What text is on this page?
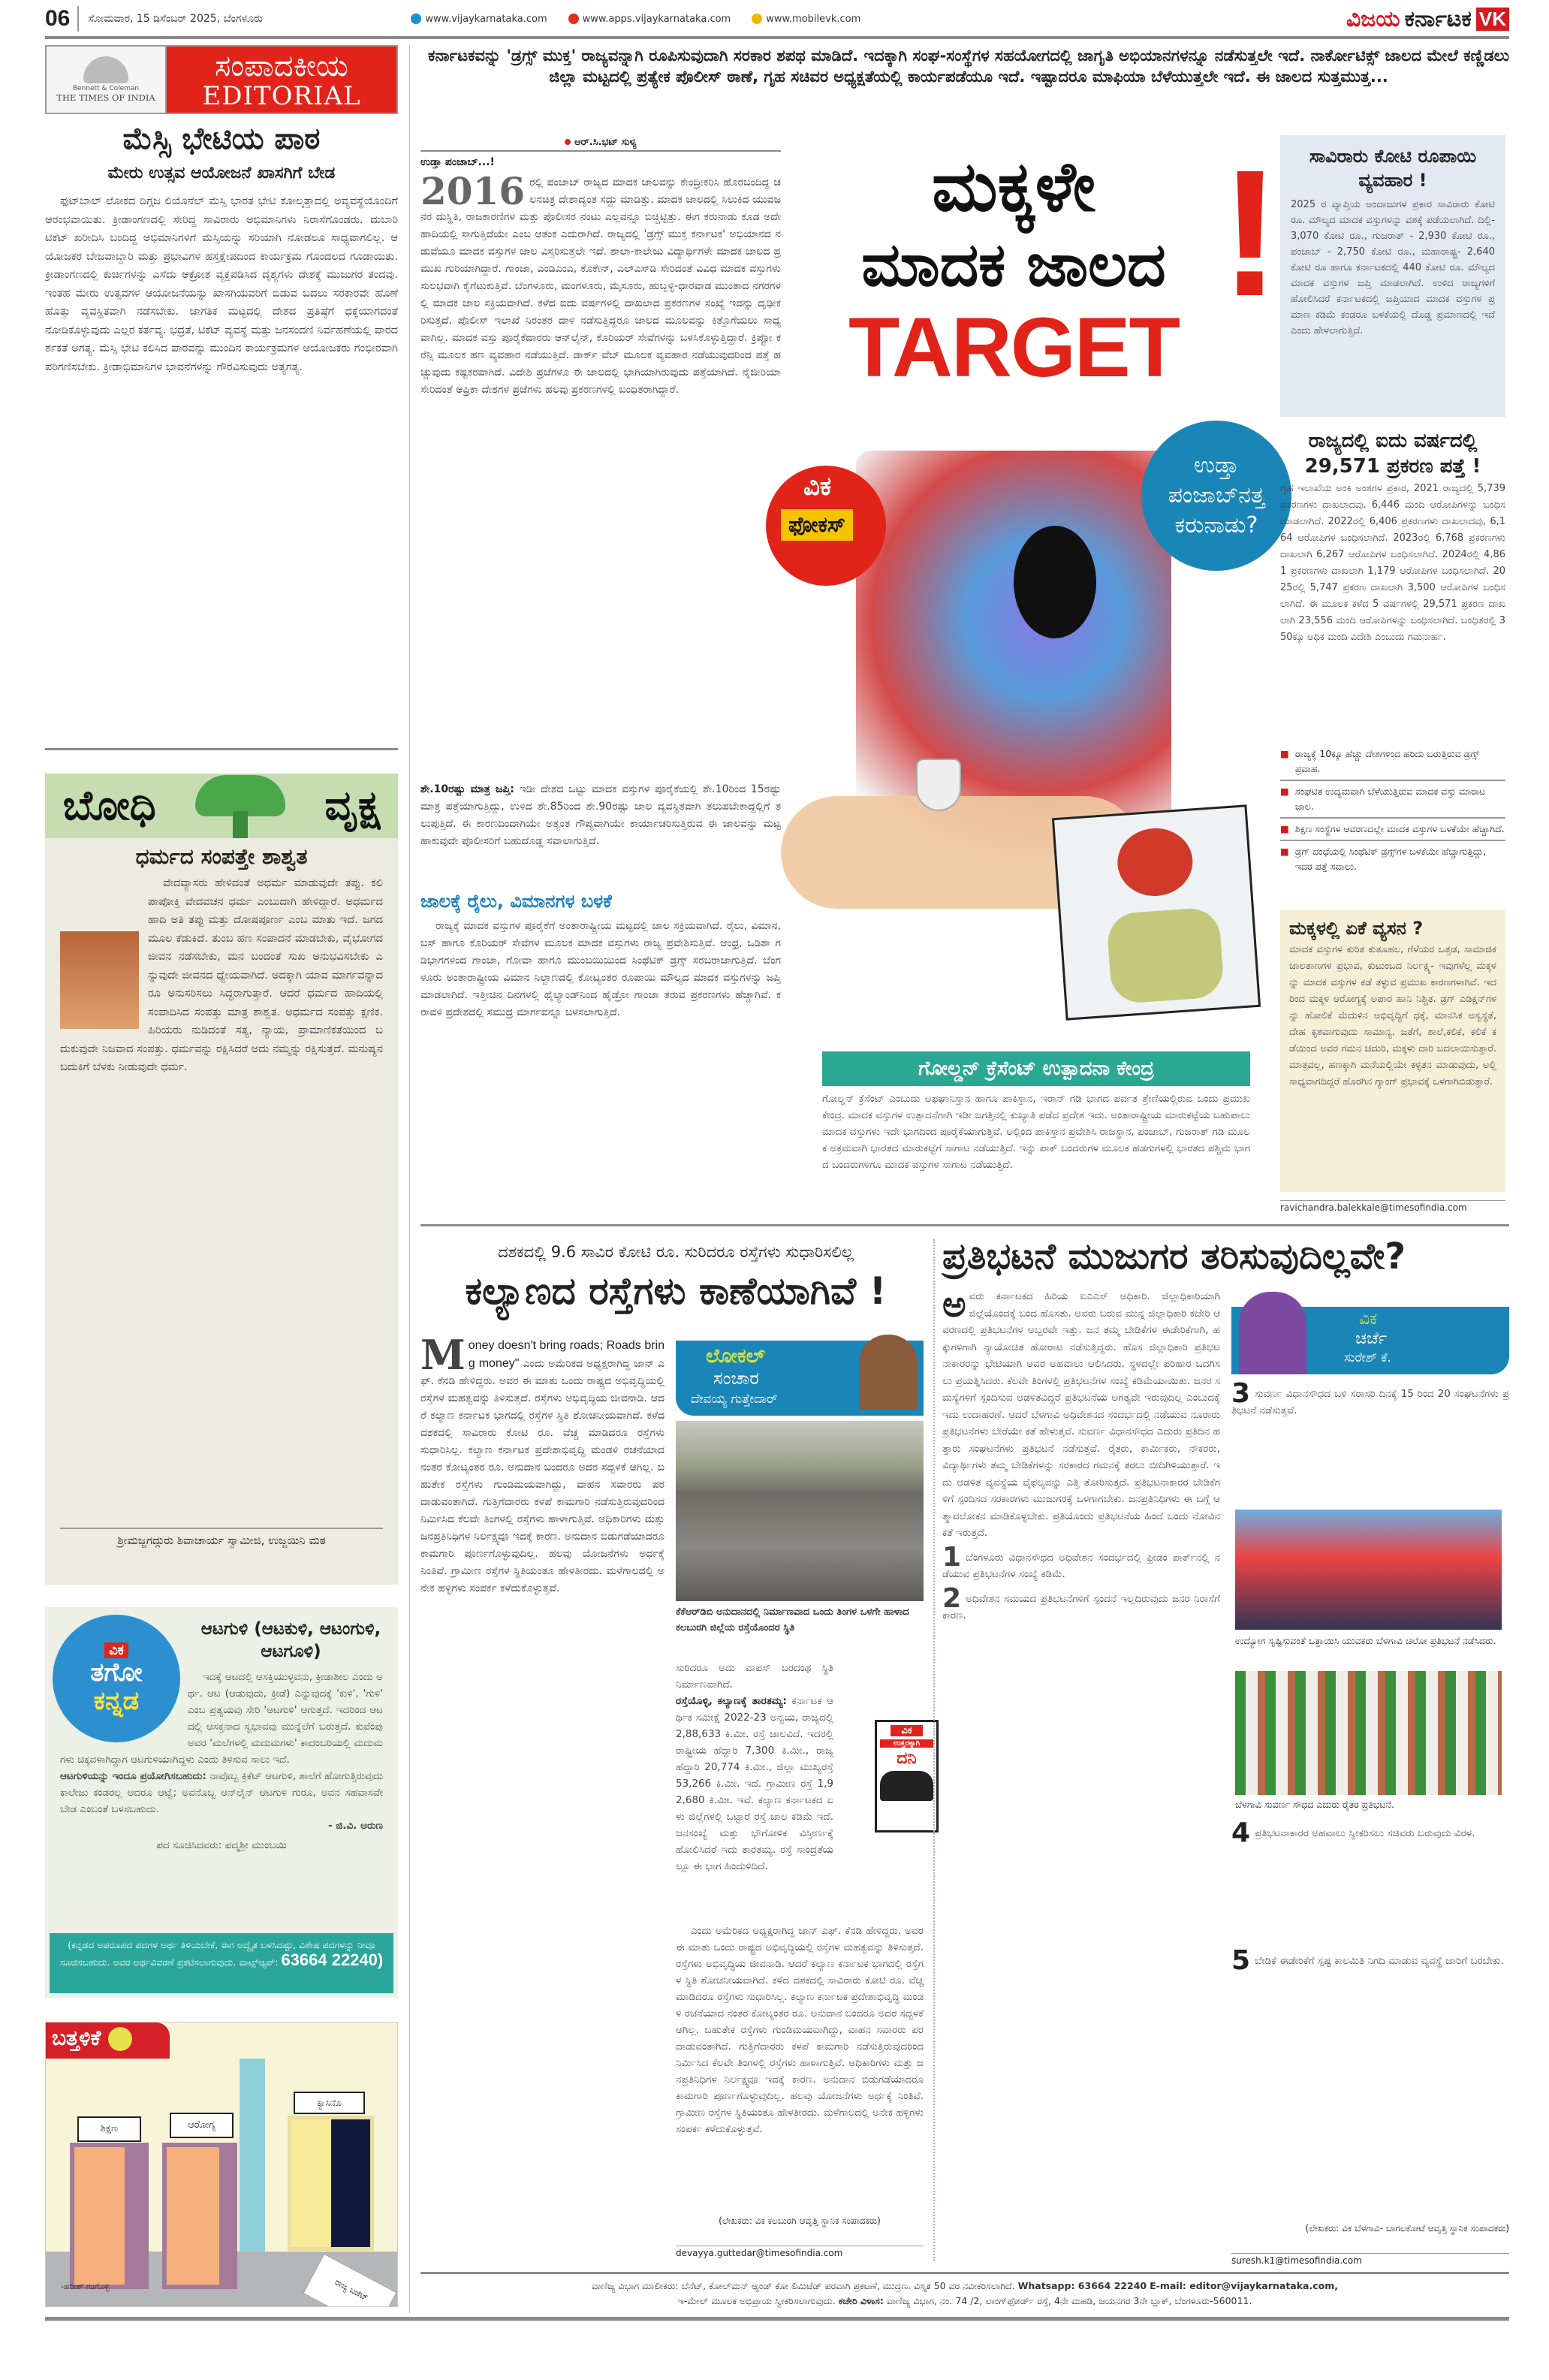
06	ಸೋಮವಾರ, 15 ಡಿಸೆಂಬರ್ 2025, ಬೆಂಗಳೂರು	www.vijaykarnataka.com	www.apps.vijaykarnataka.com	www.mobilevk.com	ವಿಜಯ ಕರ್ನಾಟಕ VK
Bennett & Coleman
THE TIMES OF INDIA
ಸಂಪಾದಕೀಯ
EDITORIAL
ಮೆಸ್ಸಿ ಭೇಟಿಯ ಪಾಠ
ಮೇರು ಉತ್ಸವ ಆಯೋಜನೆ ಖಾಸಗಿಗೆ ಬೇಡ

ಫುಟ್‌ಬಾಲ್ ಲೋಕದ ದಿಗ್ಗಜ ಲಿಯೊನೆಲ್ ಮೆಸ್ಸಿ ಭಾರತ ಭೇಟಿ ಕೋಲ್ಕತ್ತಾದಲ್ಲಿ ಅವ್ಯವಸ್ಥೆಯೊಂದಿಗೆ ಆರಂಭವಾಯಿತು. ಕ್ರೀಡಾಂಗಣದಲ್ಲಿ ಸೇರಿದ್ದ ಸಾವಿರಾರು ಅಭಿಮಾನಿಗಳು ನಿರಾಸೆಗೊಂಡರು. ದುಬಾರಿ ಟಿಕೆಟ್ ಖರೀದಿಸಿ ಬಂದಿದ್ದ ಅಭಿಮಾನಿಗಳಿಗೆ ಮೆಸ್ಸಿಯನ್ನು ಸರಿಯಾಗಿ ನೋಡಲೂ ಸಾಧ್ಯವಾಗಲಿಲ್ಲ. ಆಯೋಜಕರ ಬೇಜವಾಬ್ದಾರಿ ಮತ್ತು ಪ್ರಭಾವಿಗಳ ಹಸ್ತಕ್ಷೇಪದಿಂದ ಕಾರ್ಯಕ್ರಮ ಗೊಂದಲದ ಗೂಡಾಯಿತು. ಕ್ರೀಡಾಂಗಣದಲ್ಲಿ ಕುರ್ಚಿಗಳನ್ನು ಎಸೆದು ಆಕ್ರೋಶ ವ್ಯಕ್ತಪಡಿಸಿದ ದೃಶ್ಯಗಳು ದೇಶಕ್ಕೆ ಮುಜುಗರ ತಂದವು. ಇಂತಹ ಮೇರು ಉತ್ಸವಗಳ ಆಯೋಜನೆಯನ್ನು ಖಾಸಗಿಯವರಿಗೆ ಬಿಡುವ ಬದಲು ಸರಕಾರವೇ ಹೊಣೆ ಹೊತ್ತು ವ್ಯವಸ್ಥಿತವಾಗಿ ನಡೆಸಬೇಕು. ಜಾಗತಿಕ ಮಟ್ಟದಲ್ಲಿ ದೇಶದ ಪ್ರತಿಷ್ಠೆಗೆ ಧಕ್ಕೆಯಾಗದಂತೆ ನೋಡಿಕೊಳ್ಳುವುದು ಎಲ್ಲರ ಕರ್ತವ್ಯ. ಭದ್ರತೆ, ಟಿಕೆಟ್ ವ್ಯವಸ್ಥೆ ಮತ್ತು ಜನಸಂದಣಿ ನಿರ್ವಹಣೆಯಲ್ಲಿ ಪಾರದರ್ಶಕತೆ ಅಗತ್ಯ. ಮೆಸ್ಸಿ ಭೇಟಿ ಕಲಿಸಿದ ಪಾಠವನ್ನು ಮುಂದಿನ ಕಾರ್ಯಕ್ರಮಗಳ ಆಯೋಜಕರು ಗಂಭೀರವಾಗಿ ಪರಿಗಣಿಸಬೇಕು. ಕ್ರೀಡಾಭಿಮಾನಿಗಳ ಭಾವನೆಗಳನ್ನು ಗೌರವಿಸುವುದು ಅತ್ಯಗತ್ಯ.

ಬೋಧಿ	ವೃಕ್ಷ
ಧರ್ಮದ ಸಂಪತ್ತೇ ಶಾಶ್ವತ

ವೇದವ್ಯಾಸರು ಹೇಳಿದಂತೆ ಅಧರ್ಮ ಮಾಡುವುದೇ ತಪ್ಪು. ಕಲಿ ಪಾಪೋಕ್ತಿ ವೇದವಚನ ಧರ್ಮ ಎಂಬುದಾಗಿ ಹೇಳಿದ್ದಾರೆ. ಅಧರ್ಮದ ಹಾದಿ ಅತಿ ತಪ್ಪು ಮತ್ತು ದೋಷಪೂರ್ಣ ಎಂಬ ಮಾತು ಇದೆ. ಜಗದ ಮೂಲ ಕೆಡುಕಿದೆ. ತುಂಬ ಹಣ ಸಂಪಾದನೆ ಮಾಡಬೇಕು, ವೈಭೋಗದ ಜೀವನ ನಡೆಸಬೇಕು, ಮನ ಬಂದಂತೆ ಸುಖ ಅನುಭವಿಸಬೇಕು ಎನ್ನುವುದೇ ಜೀವನದ ಧ್ಯೇಯವಾಗಿದೆ. ಅದಕ್ಕಾಗಿ ಯಾವ ಮಾರ್ಗವನ್ನಾದರೂ ಅನುಸರಿಸಲು ಸಿದ್ಧರಾಗುತ್ತಾರೆ. ಆದರೆ ಧರ್ಮದ ಹಾದಿಯಲ್ಲಿ ಸಂಪಾದಿಸಿದ ಸಂಪತ್ತು ಮಾತ್ರ ಶಾಶ್ವತ. ಅಧರ್ಮದ ಸಂಪತ್ತು ಕ್ಷಣಿಕ. ಹಿರಿಯರು ನುಡಿದಂತೆ ಸತ್ಯ, ನ್ಯಾಯ, ಪ್ರಾಮಾಣಿಕತೆಯಿಂದ ಬದುಕುವುದೇ ನಿಜವಾದ ಸಂಪತ್ತು. ಧರ್ಮವನ್ನು ರಕ್ಷಿಸಿದರೆ ಅದು ನಮ್ಮನ್ನು ರಕ್ಷಿಸುತ್ತದೆ. ಮನುಷ್ಯನ ಬದುಕಿಗೆ ಬೆಳಕು ನೀಡುವುದೇ ಧರ್ಮ.

ಶ್ರೀಮಜ್ಜಗದ್ಗುರು ಶಿವಾಚಾರ್ಯ ಸ್ವಾಮೀಜಿ, ಉಜ್ಜಯಿನಿ ಮಠ
ವಿಕ
ತಗೋ
ಕನ್ನಡ
ಆಟಗುಳಿ (ಆಟಕುಳಿ, ಆಟಂಗುಳಿ, ಆಟಗೂಳಿ)

ಇದಕ್ಕೆ ಆಟದಲ್ಲಿ ಆಸಕ್ತಿಯುಳ್ಳವನು, ಕ್ರೀಡಾಶೀಲ ಎಂದು ಅರ್ಥ. ಆಟ (ಆಡುವುದು, ಕ್ರೀಡೆ) ಎನ್ನುವುದಕ್ಕೆ 'ಕುಳಿ', 'ಗುಳಿ' ಎಂಬ ಪ್ರತ್ಯಯವು ಸೇರಿ 'ಆಟಗುಳಿ' ಆಗುತ್ತದೆ. ಇದರಿಂದ ಆಟದಲ್ಲಿ ಆಸಕ್ತನಾದ ಸ್ವಭಾವವು ಮುನ್ನೆಲೆಗೆ ಬರುತ್ತದೆ. ಕುವೆಂಪು ಅವರ 'ಮಲೆಗಳಲ್ಲಿ ಮದುಮಗಳು' ಕಾದಂಬರಿಯಲ್ಲಿ ಮದುಮಗಳು ಚಿಕ್ಕವಳಾಗಿದ್ದಾಗ ಆಟಗುಳಿಯಾಗಿದ್ದಳು ಎಂದು ತಿಳಿಸುವ ಸಾಲು ಇದೆ.

ಆಟಗುಳಿಯನ್ನು ಇಂದೂ ಪ್ರಯೋಗಿಸಬಹುದು: ನಾವೊಬ್ಬ ಕ್ರಿಕೆಟ್ ಆಟಗುಳಿ, ಶಾಲೆಗೆ ಹೋಗುತ್ತಿರುವುದು ಕಾಲೇಜು ಕಂಡರಲ್ಲ ಆದರೂ ಆಟ್ವೆ; ಅವನೊಬ್ಬ ಆನ್‌ಲೈನ್ ಆಟಗುಳಿ ಗುರೂ, ಅವನ ಸಹವಾಸವೇ ಬೇಡ ಎಂಬಂತೆ ಬಳಸಬಹುದು.

- ಜಿ.ವಿ. ಅರುಣ
ಪದ ಸೂಚಿಸಿದವರು: ಪದ್ಮಶ್ರೀ ಮುಂಬಯಿ
(ಕನ್ನಡದ ಅಪರೂಪದ ಪದಗಳ ಅರ್ಥ ತಿಳಿಯಬೇಕೆ, ಈಗ ಅದ್ವೈತ ಬಳಸಿದಷ್ಟು, ವಿಶೇಷ ಪದಗಳನ್ನು ನೀವೂ ಸೂಚಿಸಬಹುದು. ಅವರ ಅರ್ಥವಿವರಣೆ ಪ್ರಕಟಿಸಲಾಗುವುದು. ವಾಟ್ಸ್ಆ್ಯಪ್: 63664 22240)
ಬತ್ತಳಿಕೆ
ಶಿಕ್ಷಣ	ಆರೋಗ್ಯ
ಕ್ಯಾಸಿನೊ
ರಾಜ್ಯ ಬಜೆಟ್
-ಹರೀಶ್ ಗಂಗೊಳ್ಳಿ
ಕರ್ನಾಟಕವನ್ನು 'ಡ್ರಗ್ಸ್ ಮುಕ್ತ' ರಾಜ್ಯವನ್ನಾಗಿ ರೂಪಿಸುವುದಾಗಿ ಸರಕಾರ ಶಪಥ ಮಾಡಿದೆ. ಇದಕ್ಕಾಗಿ ಸಂಘ-ಸಂಸ್ಥೆಗಳ ಸಹಯೋಗದಲ್ಲಿ ಜಾಗೃತಿ ಅಭಿಯಾನಗಳನ್ನೂ ನಡೆಸುತ್ತಲೇ ಇದೆ. ನಾರ್ಕೋಟಿಕ್ಸ್ ಜಾಲದ ಮೇಲೆ ಕಣ್ಣಿಡಲು ಜಿಲ್ಲಾ ಮಟ್ಟದಲ್ಲಿ ಪ್ರತ್ಯೇಕ ಪೊಲೀಸ್ ಠಾಣೆ, ಗೃಹ ಸಚಿವರ ಅಧ್ಯಕ್ಷತೆಯಲ್ಲಿ ಕಾರ್ಯಪಡೆಯೂ ಇದೆ. ಇಷ್ಟಾದರೂ ಮಾಫಿಯಾ ಬೆಳೆಯುತ್ತಲೇ ಇದೆ. ಈ ಜಾಲದ ಸುತ್ತಮುತ್ತ...
ಆರ್.ಸಿ.ಭಟ್ ಸುಳ್ಯ
ಉಡ್ತಾ ಪಂಜಾಬ್...!
2016 ರಲ್ಲಿ ಪಂಜಾಬ್ ರಾಜ್ಯದ ಮಾದಕ ಜಾಲವನ್ನು ಕೇಂದ್ರೀಕರಿಸಿ ಹೊರಬಂದಿದ್ದ ಚಲನಚಿತ್ರ ದೇಶಾದ್ಯಂತ ಸದ್ದು ಮಾಡಿತ್ತು. ಮಾದಕ ಜಾಲದಲ್ಲಿ ಸಿಲುಕಿದ ಯುವಜನರ ದುಸ್ಥಿತಿ, ರಾಜಕಾರಣಿಗಳ ಮತ್ತು ಪೊಲೀಸರ ನಂಟು ಎಲ್ಲವನ್ನೂ ಬಿಚ್ಚಿಟ್ಟಿತ್ತು. ಈಗ ಕರುನಾಡು ಕೂಡ ಅದೇ ಹಾದಿಯಲ್ಲಿ ಸಾಗುತ್ತಿದೆಯೇ ಎಂಬ ಆತಂಕ ಎದುರಾಗಿದೆ. ರಾಜ್ಯದಲ್ಲಿ 'ಡ್ರಗ್ಸ್ ಮುಕ್ತ ಕರ್ನಾಟಕ' ಅಭಿಯಾನದ ನಡುವೆಯೂ ಮಾದಕ ವಸ್ತುಗಳ ಜಾಲ ವಿಸ್ತರಿಸುತ್ತಲೇ ಇದೆ. ಶಾಲಾ-ಕಾಲೇಜು ವಿದ್ಯಾರ್ಥಿಗಳೇ ಮಾದಕ ಜಾಲದ ಪ್ರಮುಖ ಗುರಿಯಾಗಿದ್ದಾರೆ. ಗಾಂಜಾ, ಎಂಡಿಎಂಎ, ಕೊಕೇನ್, ಎಲ್‌ಎಸ್‌ಡಿ ಸೇರಿದಂತೆ ವಿವಿಧ ಮಾದಕ ವಸ್ತುಗಳು ಸುಲಭವಾಗಿ ಕೈಗೆಟುಕುತ್ತಿವೆ. ಬೆಂಗಳೂರು, ಮಂಗಳೂರು, ಮೈಸೂರು, ಹುಬ್ಬಳ್ಳಿ-ಧಾರವಾಡ ಮುಂತಾದ ನಗರಗಳಲ್ಲಿ ಮಾದಕ ಜಾಲ ಸಕ್ರಿಯವಾಗಿದೆ. ಕಳೆದ ಐದು ವರ್ಷಗಳಲ್ಲಿ ದಾಖಲಾದ ಪ್ರಕರಣಗಳ ಸಂಖ್ಯೆ ಇದನ್ನು ದೃಢೀಕರಿಸುತ್ತದೆ. ಪೊಲೀಸ್ ಇಲಾಖೆ ನಿರಂತರ ದಾಳಿ ನಡೆಸುತ್ತಿದ್ದರೂ ಜಾಲದ ಮೂಲವನ್ನು ಕಿತ್ತೊಗೆಯಲು ಸಾಧ್ಯವಾಗಿಲ್ಲ. ಮಾದಕ ವಸ್ತು ಪೂರೈಕೆದಾರರು ಆನ್‌ಲೈನ್, ಕೊರಿಯರ್ ಸೇವೆಗಳನ್ನು ಬಳಸಿಕೊಳ್ಳುತ್ತಿದ್ದಾರೆ. ಕ್ರಿಪ್ಟೋ ಕರೆನ್ಸಿ ಮೂಲಕ ಹಣ ವ್ಯವಹಾರ ನಡೆಯುತ್ತಿದೆ. ಡಾರ್ಕ್ ವೆಬ್ ಮೂಲಕ ವ್ಯವಹಾರ ನಡೆಯುವುದರಿಂದ ಪತ್ತೆ ಹಚ್ಚುವುದು ಕಷ್ಟಕರವಾಗಿದೆ. ವಿದೇಶಿ ಪ್ರಜೆಗಳೂ ಈ ಜಾಲದಲ್ಲಿ ಭಾಗಿಯಾಗಿರುವುದು ಪತ್ತೆಯಾಗಿದೆ. ನೈಜೀರಿಯಾ ಸೇರಿದಂತೆ ಆಫ್ರಿಕಾ ದೇಶಗಳ ಪ್ರಜೆಗಳು ಹಲವು ಪ್ರಕರಣಗಳಲ್ಲಿ ಬಂಧಿತರಾಗಿದ್ದಾರೆ.
ಶೇ.10ರಷ್ಟು ಮಾತ್ರ ಜಪ್ತಿ: ಇಡೀ ದೇಶದ ಒಟ್ಟು ಮಾದಕ ವಸ್ತುಗಳ ಪೂರೈಕೆಯಲ್ಲಿ ಶೇ.10ರಿಂದ 15ರಷ್ಟು ಮಾತ್ರ ಪತ್ತೆಯಾಗುತ್ತಿದ್ದು, ಉಳಿದ ಶೇ.85ರಿಂದ ಶೇ.90ರಷ್ಟು ಜಾಲ ವ್ಯವಸ್ಥಿತವಾಗಿ ತಲುಪಬೇಕಾದ್ದಲ್ಲಿಗೆ ತಲುಪುತ್ತಿದೆ. ಈ ಕಾರಣದಿಂದಾಗಿಯೇ ಅತ್ಯಂತ ಗೌಪ್ಯವಾಗಿಯೇ ಕಾರ್ಯಾಚರಿಸುತ್ತಿರುವ ಈ ಜಾಲವನ್ನು ಮಟ್ಟ ಹಾಕುವುದೇ ಪೊಲೀಸರಿಗೆ ಬಹುದೊಡ್ಡ ಸವಾಲಾಗುತ್ತಿದೆ.
ಜಾಲಕ್ಕೆ ರೈಲು, ವಿಮಾನಗಳ ಬಳಕೆ

ರಾಜ್ಯಕ್ಕೆ ಮಾದಕ ವಸ್ತುಗಳ ಪೂರೈಕೆಗೆ ಅಂತಾರಾಷ್ಟ್ರೀಯ ಮಟ್ಟದಲ್ಲಿ ಜಾಲ ಸಕ್ರಿಯವಾಗಿದೆ. ರೈಲು, ವಿಮಾನ, ಬಸ್ ಹಾಗೂ ಕೊರಿಯರ್ ಸೇವೆಗಳ ಮೂಲಕ ಮಾದಕ ವಸ್ತುಗಳು ರಾಜ್ಯ ಪ್ರವೇಶಿಸುತ್ತಿವೆ. ಆಂಧ್ರ, ಒಡಿಶಾ ಗಡಿಭಾಗಗಳಿಂದ ಗಾಂಜಾ, ಗೋವಾ ಹಾಗೂ ಮುಂಬಯಿಯಿಂದ ಸಿಂಥೆಟಿಕ್ ಡ್ರಗ್ಸ್ ಸರಬರಾಜಾಗುತ್ತಿದೆ. ಬೆಂಗಳೂರು ಅಂತಾರಾಷ್ಟ್ರೀಯ ವಿಮಾನ ನಿಲ್ದಾಣದಲ್ಲಿ ಕೋಟ್ಯಂತರ ರೂಪಾಯಿ ಮೌಲ್ಯದ ಮಾದಕ ವಸ್ತುಗಳನ್ನು ಜಪ್ತಿ ಮಾಡಲಾಗಿದೆ. ಇತ್ತೀಚಿನ ದಿನಗಳಲ್ಲಿ ಥೈಲ್ಯಾಂಡ್‌ನಿಂದ ಹೈಡ್ರೋ ಗಾಂಜಾ ತರುವ ಪ್ರಕರಣಗಳು ಹೆಚ್ಚಾಗಿವೆ. ಕರಾವಳಿ ಪ್ರದೇಶದಲ್ಲಿ ಸಮುದ್ರ ಮಾರ್ಗವನ್ನೂ ಬಳಸಲಾಗುತ್ತಿದೆ.

ಮಕ್ಕಳೇ
ಮಾದಕ ಜಾಲದ
TARGET
!
ವಿಕ
ಫೋಕಸ್
ಉಡ್ತಾ ಪಂಜಾಬ್‌ನತ್ತ ಕರುನಾಡು?
ಗೋಲ್ಡನ್ ಕ್ರೆಸೆಂಟ್ ಉತ್ಪಾದನಾ ಕೇಂದ್ರ
ಗೋಲ್ಡನ್ ಕ್ರೆಸೆಂಟ್ ಎಂಬುದು ಅಫಘಾನಿಸ್ತಾನ ಹಾಗೂ ಪಾಕಿಸ್ತಾನ, ಇರಾನ್ ಗಡಿ ಭಾಗದ ಪರ್ವತ ಶ್ರೇಣಿಯಲ್ಲಿರುವ ಒಂದು ಪ್ರಮುಖ ಕೇಂದ್ರ. ಮಾದಕ ವಸ್ತುಗಳ ಉತ್ಪಾದನೆಗಾಗಿ ಇಡೀ ಜಗತ್ತಿನಲ್ಲಿ ಕುಖ್ಯಾತಿ ಪಡೆದ ಪ್ರದೇಶ ಇದು. ಅಂತಾರಾಷ್ಟ್ರೀಯ ಮಾರುಕಟ್ಟೆಯ ಬಹುಪಾಲು ಮಾದಕ ವಸ್ತುಗಳು ಇದೇ ಭಾಗದಿಂದ ಪೂರೈಕೆಯಾಗುತ್ತಿವೆ. ಅಲ್ಲಿಂದ ಪಾಕಿಸ್ತಾನ ಪ್ರವೇಶಿಸಿ ರಾಜಸ್ಥಾನ, ಪಂಜಾಬ್, ಗುಜರಾತ್ ಗಡಿ ಮೂಲಕ ಅಕ್ರಮವಾಗಿ ಭಾರತದ ಮಾರುಕಟ್ಟೆಗೆ ಸಾಗಾಟ ನಡೆಯುತ್ತಿದೆ. ಇನ್ನು ಪಾಕ್ ಬಂದರುಗಳ ಮೂಲಕ ಹಡಗುಗಳಲ್ಲಿ ಭಾರತದ ಪಶ್ಚಿಮ ಭಾಗದ ಬಂದರುಗಳಿಗೂ ಮಾದಕ ವಸ್ತುಗಳ ಸಾಗಾಟ ನಡೆಯುತ್ತಿದೆ.
ಸಾವಿರಾರು ಕೋಟಿ ರೂಪಾಯಿ ವ್ಯವಹಾರ !
2025 ರ ವ್ಯಾಪ್ತಿಯ ಅಂದಾಜುಗಳ ಪ್ರಕಾರ ಸಾವಿರಾರು ಕೋಟಿ ರೂ. ಮೌಲ್ಯದ ಮಾದಕ ವಸ್ತುಗಳನ್ನು ವಶಕ್ಕೆ ಪಡೆಯಲಾಗಿದೆ. ದಿಲ್ಲಿ- 3,070 ಕೋಟಿ ರೂ., ಗುಜರಾತ್ - 2,930 ಕೋಟಿ ರೂ., ಪಂಜಾಬ್ - 2,750 ಕೋಟಿ ರೂ., ಮಹಾರಾಷ್ಟ್ರ- 2,640 ಕೋಟಿ ರೂ ಹಾಗೂ ಕರ್ನಾಟಕದಲ್ಲಿ 440 ಕೋಟಿ ರೂ. ಮೌಲ್ಯದ ಮಾದಕ ವಸ್ತುಗಳ ಜಪ್ತಿ ಮಾಡಲಾಗಿದೆ. ಉಳಿದ ರಾಜ್ಯಗಳಿಗೆ ಹೋಲಿಸಿದರೆ ಕರ್ನಾಟಕದಲ್ಲಿ ಜಪ್ತಿಯಾದ ಮಾದಕ ವಸ್ತುಗಳ ಪ್ರಮಾಣ ಕಡಿಮೆ ಕಂಡರೂ ಬಳಕೆಯಲ್ಲಿ ದೊಡ್ಡ ಪ್ರಮಾಣದಲ್ಲಿ ಇದೆ ಎಂದು ಹೇಳಲಾಗುತ್ತಿದೆ.
ರಾಜ್ಯದಲ್ಲಿ ಐದು ವರ್ಷದಲ್ಲಿ 29,571 ಪ್ರಕರಣ ಪತ್ತೆ !
ಗೃಹ ಇಲಾಖೆಯ ಅಂಕಿ ಅಂಶಗಳ ಪ್ರಕಾರ, 2021 ರಾಜ್ಯದಲ್ಲಿ 5,739 ಪ್ರಕರಣಗಳು ದಾಖಲಾದವು. 6,446 ಮಂದಿ ಆರೋಪಿಗಳನ್ನು ಬಂಧಿಸ ಮಾಡಲಾಗಿದೆ. 2022ರಲ್ಲಿ 6,406 ಪ್ರಕರಣಗಳು ದಾಖಲಾದವು, 6,164 ಆರೋಪಿಗಳ ಬಂಧಿಸಲಾಗಿದೆ. 2023ರಲ್ಲಿ 6,768 ಪ್ರಕರಣಗಳು ದಾಖಲಾಗಿ 6,267 ಆರೋಪಿಗಳ ಬಂಧಿಸಲಾಗಿದೆ. 2024ರಲ್ಲಿ 4,861 ಪ್ರಕರಣಗಳು ದಾಖಲಾಗಿ 1,179 ಆರೋಪಿಗಳ ಬಂಧಿಸಲಾಗಿದೆ. 2025ರಲ್ಲಿ 5,747 ಪ್ರಕರಣ ದಾಖಲಾಗಿ 3,500 ಆರೋಪಿಗಳ ಬಂಧಿಸಲಾಗಿದೆ. ಈ ಮೂಲಕ ಕಳೆದ 5 ವರ್ಷಗಳಲ್ಲಿ 29,571 ಪ್ರಕರಣ ದಾಖಲಾಗಿ 23,556 ಮಂದಿ ಆರೋಪಿಗಳನ್ನು ಬಂಧಿಸಲಾಗಿದೆ. ಬಂಧಿತರಲ್ಲಿ 350ಕ್ಕೂ ಅಧಿಕ ಮಂದಿ ವಿದೇಶಿ ಎಂಬುದು ಗಮನಾರ್ಹ.
■ ರಾಜ್ಯಕ್ಕೆ 10ಕ್ಕೂ ಹೆಚ್ಚು ದೇಶಗಳಿಂದ ಹರಿದು ಬರುತ್ತಿರುವ ಡ್ರಗ್ಸ್ ಪ್ರವಾಹ.
■ ಸಂಘಟಿತ ಉದ್ಯಮವಾಗಿ ಬೆಳೆಯುತ್ತಿರುವ ಮಾದಕ ವಸ್ತು ಮಾರಾಟ ಜಾಲ.
■ ಶಿಕ್ಷಣ ಸಂಸ್ಥೆಗಳ ಆವರಣದಲ್ಲೇ ಮಾದಕ ವಸ್ತುಗಳ ಬಳಕೆಯೇ ಹೆಚ್ಚಾಗಿದೆ.
■ ಡ್ರಗ್ ದಂಧೆಯಲ್ಲಿ ಸಿಂಥೆಟಿಕ್ ಡ್ರಗ್ಸ್‌ಗಳ ಬಳಕೆಯೇ ಹೆಚ್ಚಾಗುತ್ತಿದ್ದು, ಇದರ ಪತ್ತೆ ಸವಾಲು.
ಮಕ್ಕಳಲ್ಲಿ ಏಕೆ ವ್ಯಸನ ?
ಮಾದಕ ವಸ್ತುಗಳ ಕುರಿತ ಕುತೂಹಲ, ಗೆಳೆಯರ ಒತ್ತಡ, ಸಾಮಾಜಿಕ ಜಾಲತಾಣಗಳ ಪ್ರಭಾವ, ಕುಟುಂಬದ ನಿರ್ಲಕ್ಷ್ಯ- ಇವುಗಳೆಲ್ಲ ಮಕ್ಕಳನ್ನು ಮಾದಕ ವಸ್ತುಗಳ ಕಡೆ ತಳ್ಳುವ ಪ್ರಮುಖ ಕಾರಣಗಳಾಗಿವೆ. ಇದರಿಂದ ಮಕ್ಕಳ ಆರೋಗ್ಯಕ್ಕೆ ಅಪಾರ ಹಾನಿ ನಿಶ್ಚಿತ. ಡ್ರಗ್ ಎಡಿಕ್ಷನ್‌ಗಳನ್ನು ಹೋಲಿಕೆ ಮೆದುಳಿನ ಅಭಿವೃದ್ಧಿಗೆ ಧಕ್ಕೆ, ಮಾನಸಿಕ ಅಸ್ವಸ್ಥತೆ, ದೇಹ ಕೃಶವಾಗುವುದು ಸಾಮಾನ್ಯ. ಜತೆಗೆ, ಶಾಲೆ,ಕಲಿಕೆ, ಕಲಿಕೆ ಕಡೆಯಿಂದ ಅವರ ಗಮನ ಚದುರಿ, ಮಕ್ಕಳು ದಾರಿ ಬದಲಾಯಿಸುತ್ತಾರೆ. ಮಾತ್ರವಲ್ಲ, ಹಣಕ್ಕಾಗಿ ಮನೆಯಲ್ಲಿಯೇ ಕಳ್ಳತನ ಮಾಡುವುದು, ಅಲ್ಲಿ ಸಾಧ್ಯವಾಗದಿದ್ದರೆ ಹೊರಗಿನ ಗ್ಯಾಂಗ್ ಪ್ರಭಾವಕ್ಕೆ ಒಳಗಾಗಿಬಿಡುತ್ತಾರೆ.
ravichandra.balekkale@timesofindia.com
ದಶಕದಲ್ಲಿ 9.6 ಸಾವಿರ ಕೋಟಿ ರೂ. ಸುರಿದರೂ ರಸ್ತೆಗಳು ಸುಧಾರಿಸಲಿಲ್ಲ
ಕಲ್ಯಾಣದ ರಸ್ತೆಗಳು ಕಾಣೆಯಾಗಿವೆ !
M oney doesn't bring roads; Roads bring money" ಎಂದು ಅಮೆರಿಕದ ಅಧ್ಯಕ್ಷರಾಗಿದ್ದ ಜಾನ್ ಎಫ್. ಕೆನಡಿ ಹೇಳಿದ್ದರು. ಅವರ ಈ ಮಾತು ಒಂದು ರಾಷ್ಟ್ರದ ಅಭಿವೃದ್ಧಿಯಲ್ಲಿ ರಸ್ತೆಗಳ ಮಹತ್ವವನ್ನು ತಿಳಿಸುತ್ತದೆ. ರಸ್ತೆಗಳು ಅಭಿವೃದ್ಧಿಯ ಜೀವನಾಡಿ. ಆದರೆ ಕಲ್ಯಾಣ ಕರ್ನಾಟಕ ಭಾಗದಲ್ಲಿ ರಸ್ತೆಗಳ ಸ್ಥಿತಿ ಶೋಚನೀಯವಾಗಿದೆ. ಕಳೆದ ದಶಕದಲ್ಲಿ ಸಾವಿರಾರು ಕೋಟಿ ರೂ. ವೆಚ್ಚ ಮಾಡಿದರೂ ರಸ್ತೆಗಳು ಸುಧಾರಿಸಿಲ್ಲ. ಕಲ್ಯಾಣ ಕರ್ನಾಟಕ ಪ್ರದೇಶಾಭಿವೃದ್ಧಿ ಮಂಡಳಿ ರಚನೆಯಾದ ನಂತರ ಕೋಟ್ಯಂತರ ರೂ. ಅನುದಾನ ಬಂದರೂ ಅದರ ಸದ್ಬಳಕೆ ಆಗಿಲ್ಲ. ಬಹುತೇಕ ರಸ್ತೆಗಳು ಗುಂಡಿಮಯವಾಗಿದ್ದು, ವಾಹನ ಸವಾರರು ಪರದಾಡುವಂತಾಗಿದೆ. ಗುತ್ತಿಗೆದಾರರು ಕಳಪೆ ಕಾಮಗಾರಿ ನಡೆಸುತ್ತಿರುವುದರಿಂದ ನಿರ್ಮಿಸಿದ ಕೆಲವೇ ತಿಂಗಳಲ್ಲಿ ರಸ್ತೆಗಳು ಹಾಳಾಗುತ್ತಿವೆ. ಅಧಿಕಾರಿಗಳು ಮತ್ತು ಜನಪ್ರತಿನಿಧಿಗಳ ನಿರ್ಲಕ್ಷ್ಯವೂ ಇದಕ್ಕೆ ಕಾರಣ. ಅನುದಾನ ಬಿಡುಗಡೆಯಾದರೂ ಕಾಮಗಾರಿ ಪೂರ್ಣಗೊಳ್ಳುವುದಿಲ್ಲ. ಹಲವು ಯೋಜನೆಗಳು ಅರ್ಧಕ್ಕೆ ನಿಂತಿವೆ. ಗ್ರಾಮೀಣ ರಸ್ತೆಗಳ ಸ್ಥಿತಿಯಂತೂ ಹೇಳತೀರದು. ಮಳೆಗಾಲದಲ್ಲಿ ಅನೇಕ ಹಳ್ಳಿಗಳು ಸಂಪರ್ಕ ಕಳೆದುಕೊಳ್ಳುತ್ತವೆ.
ಲೋಕಲ್
ಸಂಚಾರ
ದೇವಯ್ಯ ಗುತ್ತೇದಾರ್
ಕೆಕೆಆರ್‌ಡಿಬಿ ಅನುದಾನದಲ್ಲಿ ನಿರ್ಮಾಣವಾದ ಒಂದು ತಿಂಗಳ ಒಳಗೇ ಹಾಳಾದ ಕಲಬುರಗಿ ಜಿಲ್ಲೆಯ ರಸ್ತೆಯೊಂದರ ಸ್ಥಿತಿ
ಸುರಿದರೂ ಅದು ವಾಪಸ್ ಬರದಂಥ ಸ್ಥಿತಿ ನಿರ್ಮಾಣವಾಗಿದೆ.
ರಸ್ತೆಯೊಳ್ಳಿ, ಕಲ್ಯಾಣಕ್ಕೆ ತಾರತಮ್ಯ: ಕರ್ನಾಟಕ ಆರ್ಥಿಕ ಸಮೀಕ್ಷೆ 2022-23 ಅನ್ವಯ, ರಾಜ್ಯದಲ್ಲಿ 2,88,633 ಕಿ.ಮೀ. ರಸ್ತೆ ಜಾಲವಿದೆ. ಇದರಲ್ಲಿ ರಾಷ್ಟ್ರೀಯ ಹೆದ್ದಾರಿ 7,300 ಕಿ.ಮೀ., ರಾಜ್ಯ ಹೆದ್ದಾರಿ 20,774 ಕಿ.ಮೀ., ಜಿಲ್ಲಾ ಮುಖ್ಯರಸ್ತೆ 53,266 ಕಿ.ಮೀ. ಇದೆ. ಗ್ರಾಮೀಣ ರಸ್ತೆ 1,92,680 ಕಿ.ಮೀ. ಇವೆ. ಕಲ್ಯಾಣ ಕರ್ನಾಟಕದ ಏಳು ಜಿಲ್ಲೆಗಳಲ್ಲಿ ಒಟ್ಟಾರೆ ರಸ್ತೆ ಜಾಲ ಕಡಿಮೆ ಇದೆ. ಜನಸಂಖ್ಯೆ ಮತ್ತು ಭೌಗೋಳಿಕ ವಿಸ್ತೀರ್ಣಕ್ಕೆ ಹೋಲಿಸಿದರೆ ಇದು ತಾರತಮ್ಯ. ರಸ್ತೆ ಸಾಂದ್ರತೆಯಲ್ಲೂ ಈ ಭಾಗ ಹಿಂದುಳಿದಿದೆ.
ವಿಕ
ಉತ್ತರಕ್ಕಾಗಿ
ದನಿ

ಎಂದು ಅಮೆರಿಕದ ಅಧ್ಯಕ್ಷರಾಗಿದ್ದ ಜಾನ್ ಎಫ್. ಕೆನಡಿ ಹೇಳಿದ್ದರು. ಅವರ ಈ ಮಾತು ಒಂದು ರಾಷ್ಟ್ರದ ಅಭಿವೃದ್ಧಿಯಲ್ಲಿ ರಸ್ತೆಗಳ ಮಹತ್ವವನ್ನು ತಿಳಿಸುತ್ತದೆ. ರಸ್ತೆಗಳು ಅಭಿವೃದ್ಧಿಯ ಜೀವನಾಡಿ. ಆದರೆ ಕಲ್ಯಾಣ ಕರ್ನಾಟಕ ಭಾಗದಲ್ಲಿ ರಸ್ತೆಗಳ ಸ್ಥಿತಿ ಶೋಚನೀಯವಾಗಿದೆ. ಕಳೆದ ದಶಕದಲ್ಲಿ ಸಾವಿರಾರು ಕೋಟಿ ರೂ. ವೆಚ್ಚ ಮಾಡಿದರೂ ರಸ್ತೆಗಳು ಸುಧಾರಿಸಿಲ್ಲ. ಕಲ್ಯಾಣ ಕರ್ನಾಟಕ ಪ್ರದೇಶಾಭಿವೃದ್ಧಿ ಮಂಡಳಿ ರಚನೆಯಾದ ನಂತರ ಕೋಟ್ಯಂತರ ರೂ. ಅನುದಾನ ಬಂದರೂ ಅದರ ಸದ್ಬಳಕೆ ಆಗಿಲ್ಲ. ಬಹುತೇಕ ರಸ್ತೆಗಳು ಗುಂಡಿಮಯವಾಗಿದ್ದು, ವಾಹನ ಸವಾರರು ಪರದಾಡುವಂತಾಗಿದೆ. ಗುತ್ತಿಗೆದಾರರು ಕಳಪೆ ಕಾಮಗಾರಿ ನಡೆಸುತ್ತಿರುವುದರಿಂದ ನಿರ್ಮಿಸಿದ ಕೆಲವೇ ತಿಂಗಳಲ್ಲಿ ರಸ್ತೆಗಳು ಹಾಳಾಗುತ್ತಿವೆ. ಅಧಿಕಾರಿಗಳು ಮತ್ತು ಜನಪ್ರತಿನಿಧಿಗಳ ನಿರ್ಲಕ್ಷ್ಯವೂ ಇದಕ್ಕೆ ಕಾರಣ. ಅನುದಾನ ಬಿಡುಗಡೆಯಾದರೂ ಕಾಮಗಾರಿ ಪೂರ್ಣಗೊಳ್ಳುವುದಿಲ್ಲ. ಹಲವು ಯೋಜನೆಗಳು ಅರ್ಧಕ್ಕೆ ನಿಂತಿವೆ. ಗ್ರಾಮೀಣ ರಸ್ತೆಗಳ ಸ್ಥಿತಿಯಂತೂ ಹೇಳತೀರದು. ಮಳೆಗಾಲದಲ್ಲಿ ಅನೇಕ ಹಳ್ಳಿಗಳು ಸಂಪರ್ಕ ಕಳೆದುಕೊಳ್ಳುತ್ತವೆ.

(ಲೇಖಕರು: ವಿಕ ಕಲಬುರಗಿ ಆವೃತ್ತಿ ಸ್ಥಾನಿಕ ಸಂಪಾದಕರು)
devayya.guttedar@timesofindia.com
ಪ್ರತಿಭಟನೆ ಮುಜುಗರ ತರಿಸುವುದಿಲ್ಲವೇ?
ಅ ವರು ಕರ್ನಾಟಕದ ಹಿರಿಯ ಐಎಎಸ್ ಅಧಿಕಾರಿ. ಜಿಲ್ಲಾಧಿಕಾರಿಯಾಗಿ ಜಿಲ್ಲೆಯೊಂದಕ್ಕೆ ಬಂದ ಹೊಸತು. ಅವರು ಬರುವ ಮುನ್ನ ಜಿಲ್ಲಾಧಿಕಾರಿ ಕಚೇರಿ ಆವರಣದಲ್ಲಿ ಪ್ರತಿಭಟನೆಗಳ ಅಬ್ಬರವೇ ಇತ್ತು. ಜನ ತಮ್ಮ ಬೇಡಿಕೆಗಳ ಈಡೇರಿಕೆಗಾಗಿ, ಹಕ್ಕುಗಳಿಗಾಗಿ ನ್ಯಾಯೋಚಿತ ಹೋರಾಟ ನಡೆಸುತ್ತಿದ್ದರು. ಹೊಸ ಜಿಲ್ಲಾಧಿಕಾರಿ ಪ್ರತಿಭಟನಾಕಾರರನ್ನು ಭೇಟಿಯಾಗಿ ಅವರ ಅಹವಾಲು ಆಲಿಸಿದರು. ಸ್ಥಳದಲ್ಲೇ ಪರಿಹಾರ ಒದಗಿಸಲು ಪ್ರಯತ್ನಿಸಿದರು. ಕೆಲವೇ ತಿಂಗಳಲ್ಲಿ ಪ್ರತಿಭಟನೆಗಳ ಸಂಖ್ಯೆ ಕಡಿಮೆಯಾಯಿತು. ಜನರ ಸಮಸ್ಯೆಗಳಿಗೆ ಸ್ಪಂದಿಸುವ ಆಡಳಿತವಿದ್ದರೆ ಪ್ರತಿಭಟನೆಯ ಅಗತ್ಯವೇ ಇರುವುದಿಲ್ಲ ಎಂಬುದಕ್ಕೆ ಇದು ಉದಾಹರಣೆ. ಆದರೆ ಬೆಳಗಾವಿ ಅಧಿವೇಶನದ ಸಂದರ್ಭದಲ್ಲಿ ನಡೆಯುವ ನೂರಾರು ಪ್ರತಿಭಟನೆಗಳು ಬೇರೆಯೇ ಕತೆ ಹೇಳುತ್ತವೆ. ಸುವರ್ಣ ವಿಧಾನಸೌಧದ ಎದುರು ಪ್ರತಿದಿನ ಹತ್ತಾರು ಸಂಘಟನೆಗಳು ಪ್ರತಿಭಟನೆ ನಡೆಸುತ್ತವೆ. ರೈತರು, ಕಾರ್ಮಿಕರು, ನೌಕರರು, ವಿದ್ಯಾರ್ಥಿಗಳು ತಮ್ಮ ಬೇಡಿಕೆಗಳನ್ನು ಸರಕಾರದ ಗಮನಕ್ಕೆ ತರಲು ಬೀದಿಗಿಳಿಯುತ್ತಾರೆ. ಇದು ಆಡಳಿತ ವ್ಯವಸ್ಥೆಯ ವೈಫಲ್ಯವನ್ನು ಎತ್ತಿ ತೋರಿಸುತ್ತದೆ. ಪ್ರತಿಭಟನಾಕಾರರ ಬೇಡಿಕೆಗಳಿಗೆ ಸ್ಪಂದಿಸದ ಸರಕಾರಗಳು ಮುಜುಗರಕ್ಕೆ ಒಳಗಾಗಬೇಕು. ಜನಪ್ರತಿನಿಧಿಗಳು ಈ ಬಗ್ಗೆ ಆತ್ಮಾವಲೋಕನ ಮಾಡಿಕೊಳ್ಳಬೇಕು. ಪ್ರತಿಯೊಂದು ಪ್ರತಿಭಟನೆಯ ಹಿಂದೆ ಒಂದು ನೋವಿನ ಕತೆ ಇರುತ್ತದೆ.
1 ಬೆಂಗಳೂರು ವಿಧಾನಸೌಧದ ಅಧಿವೇಶನ ಸಂದರ್ಭದಲ್ಲಿ ಫ್ರೀಡಂ ಪಾರ್ಕ್‌ನಲ್ಲಿ ನಡೆಯುವ ಪ್ರತಿಭಟನೆಗಳ ಸಂಖ್ಯೆ ಕಡಿಮೆ.
2 ಅಧಿವೇಶನ ಸಮಯದ ಪ್ರತಿಭಟನೆಗಳಿಗೆ ಸ್ಪಂದನೆ ಇಲ್ಲದಿರುವುದು ಜನರ ನಿರಾಸೆಗೆ ಕಾರಣ.
ವಿಕ
ಚರ್ಚೆ
ಸುರೇಶ್ ಕೆ.
3 ಸುವರ್ಣ ವಿಧಾನಸೌಧದ ಬಳಿ ಸರಾಸರಿ ದಿನಕ್ಕೆ 15 ರಿಂದ 20 ಸಂಘಟನೆಗಳು ಪ್ರತಿಭಟನೆ ನಡೆಸುತ್ತವೆ.
ಉದ್ಯೋಗ ಸೃಷ್ಟಿಸುವಂತೆ ಒತ್ತಾಯಿಸಿ ಯುವಕರು ಬೆಳಗಾವಿ ಚಲೋ ಪ್ರತಿಭಟನೆ ನಡೆಸಿದರು.
ಬೆಳಗಾವಿ ಸುವರ್ಣ ಸೌಧದ ಎದುರು ರೈತರ ಪ್ರತಿಭಟನೆ.
4 ಪ್ರತಿಭಟನಾಕಾರರ ಅಹವಾಲು ಸ್ವೀಕರಿಸಲು ಸಚಿವರು ಬರುವುದು ವಿರಳ.
5 ಬೇಡಿಕೆ ಈಡೇರಿಕೆಗೆ ಸ್ಪಷ್ಟ ಕಾಲಮಿತಿ ನಿಗದಿ ಮಾಡುವ ವ್ಯವಸ್ಥೆ ಜಾರಿಗೆ ಬರಬೇಕು.
(ಲೇಖಕರು: ವಿಕ ಬೆಳಗಾವಿ- ಬಾಗಲಕೋಟೆ ಆವೃತ್ತಿ ಸ್ಥಾನಿಕ ಸಂಪಾದಕರು)
suresh.k1@timesofindia.com
ವಾಣಿಜ್ಯ ವಿಭಾಗ ಮಾಲೀಕರು: ಬೆನೆಟ್, ಕೋಲ್‌ಮನ್ ಆ್ಯಂಡ್ ಕೋ ಲಿಮಿಟೆಡ್ ಪರವಾಗಿ ಪ್ರಕಟಣೆ, ಮುದ್ರಣ. ವಿಸ್ತೃತ 50 ವರ ನವೀಕರಿಸಲಾಗಿದೆ. Whatsapp: 63664 22240 E-mail: editor@vijaykarnataka.com,
ಇ-ಮೇಲ್ ಮೂಲಕ ಅಭಿಪ್ರಾಯ ಸ್ವೀಕರಿಸಲಾಗುವುದು. ಕಚೇರಿ ವಿಳಾಸ: ವಾಣಿಜ್ಯ ವಿಭಾಗ, ನಂ. 74 /2, ಲಾಂಗ್‌ಫೋರ್ಡ್ ರಸ್ತೆ, 4ನೇ ಮಹಡಿ, ಜಯನಗರ 3ನೇ ಬ್ಲಾಕ್, ಬೆಂಗಳೂರು-560011.
